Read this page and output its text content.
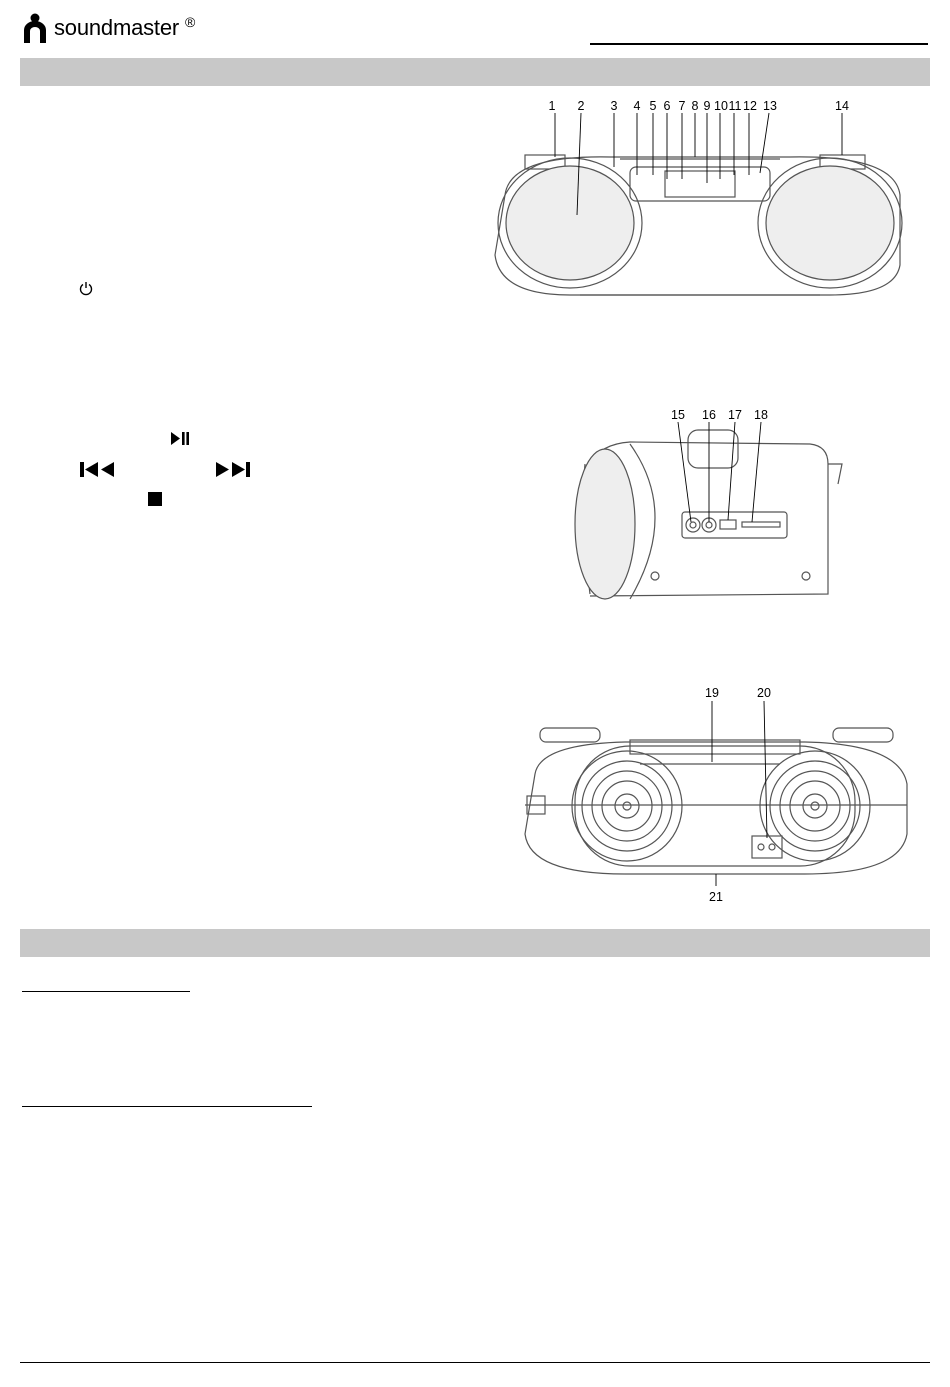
soundmaster ®
1 2 3 4 5 6 7 8 9 10 11 12 13	14
15 16 17 18
19	20
21
